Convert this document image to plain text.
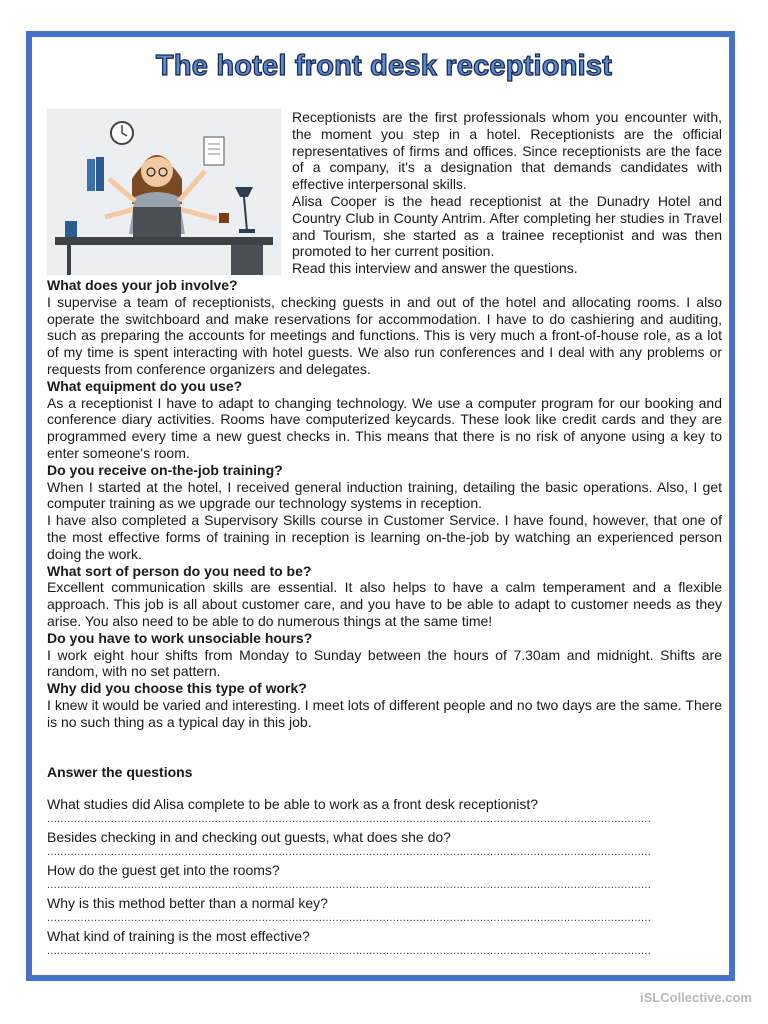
The hotel front desk receptionist

Receptionists are the first professionals whom you encounter with, the moment you step in a hotel. Receptionists are the official representatives of firms and offices. Since receptionists are the face of a company, it's a designation that demands candidates with effective interpersonal skills.

Alisa Cooper is the head receptionist at the Dunadry Hotel and Country Club in County Antrim. After completing her studies in Travel and Tourism, she started as a trainee receptionist and was then promoted to her current position.

Read this interview and answer the questions.

What does your job involve?

I supervise a team of receptionists, checking guests in and out of the hotel and allocating rooms. I also operate the switchboard and make reservations for accommodation. I have to do cashiering and auditing, such as preparing the accounts for meetings and functions. This is very much a front-of-house role, as a lot of my time is spent interacting with hotel guests. We also run conferences and I deal with any problems or requests from conference organizers and delegates.

What equipment do you use?

As a receptionist I have to adapt to changing technology. We use a computer program for our booking and conference diary activities. Rooms have computerized keycards. These look like credit cards and they are programmed every time a new guest checks in. This means that there is no risk of anyone using a key to enter someone's room.

Do you receive on-the-job training?

When I started at the hotel, I received general induction training, detailing the basic operations. Also, I get computer training as we upgrade our technology systems in reception.

I have also completed a Supervisory Skills course in Customer Service. I have found, however, that one of the most effective forms of training in reception is learning on-the-job by watching an experienced person doing the work.

What sort of person do you need to be?

Excellent communication skills are essential. It also helps to have a calm temperament and a flexible approach. This job is all about customer care, and you have to be able to adapt to customer needs as they arise. You also need to be able to do numerous things at the same time!

Do you have to work unsociable hours?

I work eight hour shifts from Monday to Sunday between the hours of 7.30am and midnight. Shifts are random, with no set pattern.

Why did you choose this type of work?

I knew it would be varied and interesting. I meet lots of different people and no two days are the same. There is no such thing as a typical day in this job.

Answer the questions

What studies did Alisa complete to be able to work as a front desk receptionist?

....................................................................................................................................................................................

Besides checking in and checking out guests, what does she do?

....................................................................................................................................................................................

How do the guest get into the rooms?

....................................................................................................................................................................................

Why is this method better than a normal key?

....................................................................................................................................................................................

What kind of training is the most effective?

....................................................................................................................................................................................
iSLCollective.com
